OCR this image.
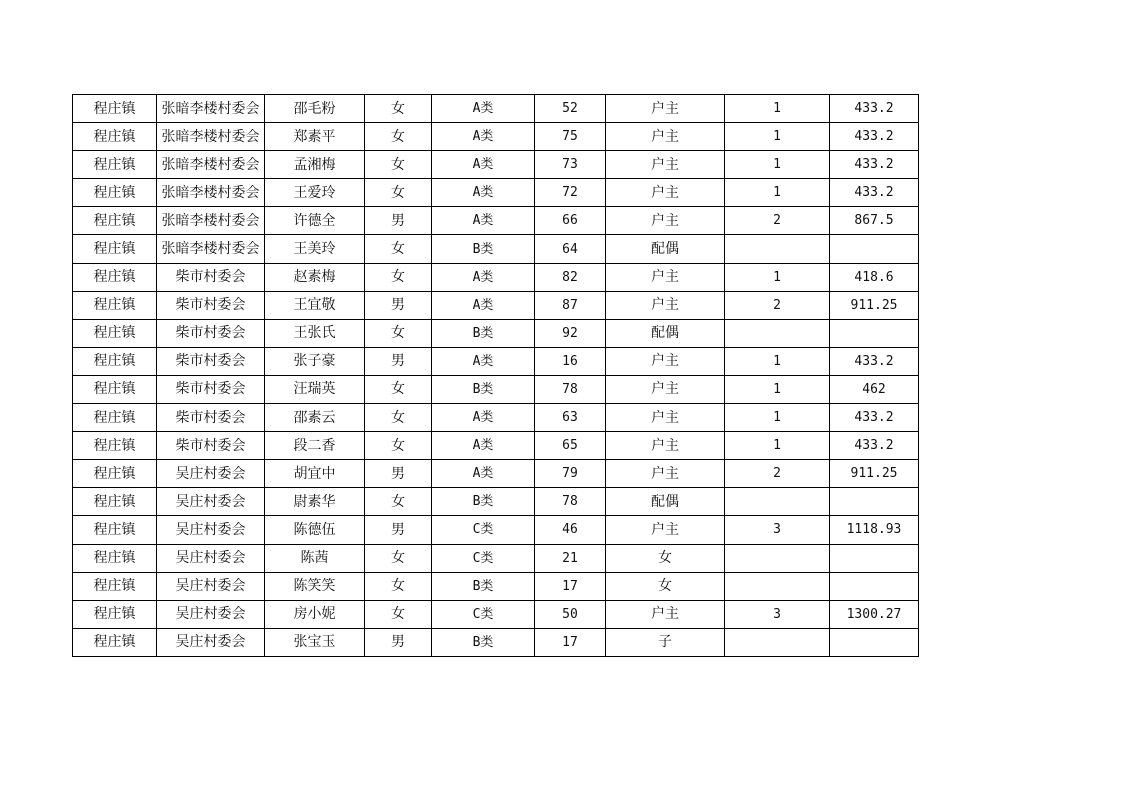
程庄镇	张暗李楼村委会	邵毛粉	女	A类	52	户主	1	433.2
程庄镇	张暗李楼村委会	郑素平	女	A类	75	户主	1	433.2
程庄镇	张暗李楼村委会	孟湘梅	女	A类	73	户主	1	433.2
程庄镇	张暗李楼村委会	王爱玲	女	A类	72	户主	1	433.2
程庄镇	张暗李楼村委会	许德全	男	A类	66	户主	2	867.5
程庄镇	张暗李楼村委会	王美玲	女	B类	64	配偶		
程庄镇	柴市村委会	赵素梅	女	A类	82	户主	1	418.6
程庄镇	柴市村委会	王宜敬	男	A类	87	户主	2	911.25
程庄镇	柴市村委会	王张氏	女	B类	92	配偶		
程庄镇	柴市村委会	张子豪	男	A类	16	户主	1	433.2
程庄镇	柴市村委会	汪瑞英	女	B类	78	户主	1	462
程庄镇	柴市村委会	邵素云	女	A类	63	户主	1	433.2
程庄镇	柴市村委会	段二香	女	A类	65	户主	1	433.2
程庄镇	吴庄村委会	胡宜中	男	A类	79	户主	2	911.25
程庄镇	吴庄村委会	尉素华	女	B类	78	配偶		
程庄镇	吴庄村委会	陈德伍	男	C类	46	户主	3	1118.93
程庄镇	吴庄村委会	陈茜	女	C类	21	女		
程庄镇	吴庄村委会	陈笑笑	女	B类	17	女		
程庄镇	吴庄村委会	房小妮	女	C类	50	户主	3	1300.27
程庄镇	吴庄村委会	张宝玉	男	B类	17	子		
